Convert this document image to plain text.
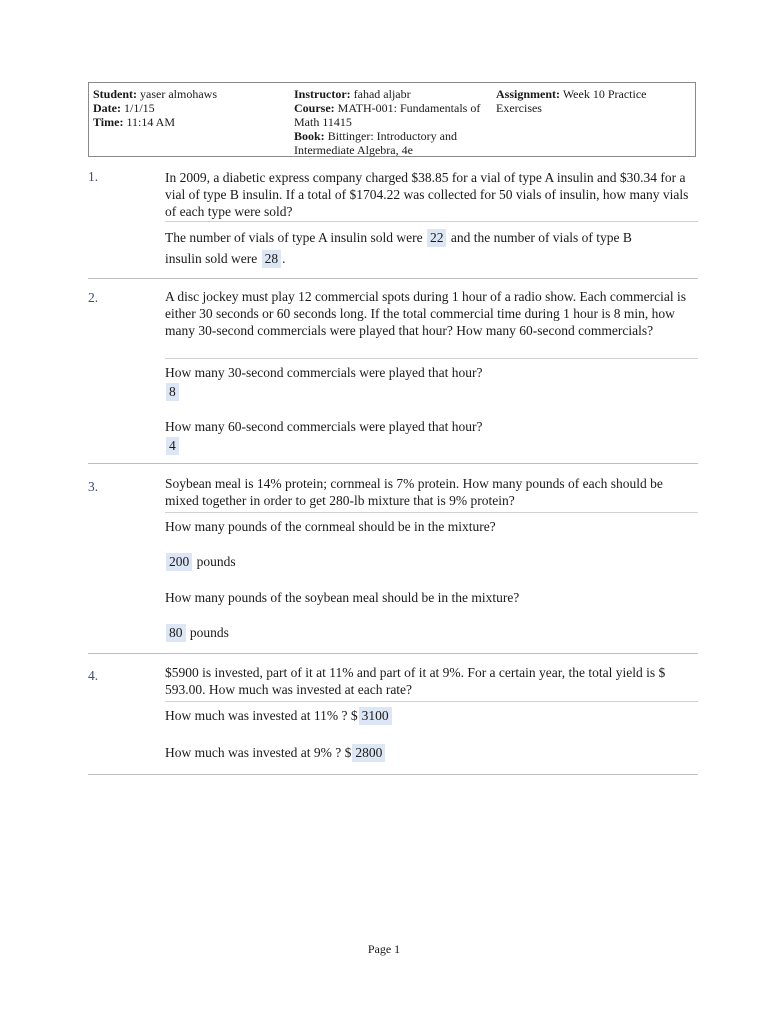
Student: yaser almohaws
Date: 1/1/15
Time: 11:14 AM
Instructor: fahad aljabr
Course: MATH-001: Fundamentals of
Math 11415
Book: Bittinger: Introductory and
Intermediate Algebra, 4e
Assignment: Week 10 Practice
Exercises
1.	In 2009, a diabetic express company charged $38.85 for a vial of type A insulin and $30.34 for a vial of type B insulin. If a total of $1704.22 was collected for 50 vials of insulin, how many vials of each type were sold?

The number of vials of type A insulin sold were 22 and the number of vials of type B
insulin sold were 28 .
2.	A disc jockey must play 12 commercial spots during 1 hour of a radio show. Each commercial is either 30 seconds or 60 seconds long. If the total commercial time during 1 hour is 8 min, how many 30-second commercials were played that hour? How many 60-second commercials?

How many 30-second commercials were played that hour?
8
How many 60-second commercials were played that hour?
4
3.	Soybean meal is 14% protein; cornmeal is 7% protein. How many pounds of each should be mixed together in order to get 280-lb mixture that is 9% protein?

How many pounds of the cornmeal should be in the mixture?
200 pounds
How many pounds of the soybean meal should be in the mixture?
80 pounds
4.	$5900 is invested, part of it at 11% and part of it at 9%. For a certain year, the total yield is $ 593.00. How much was invested at each rate?

How much was invested at 11% ? $ 3100
How much was invested at 9% ? $ 2800
Page 1
